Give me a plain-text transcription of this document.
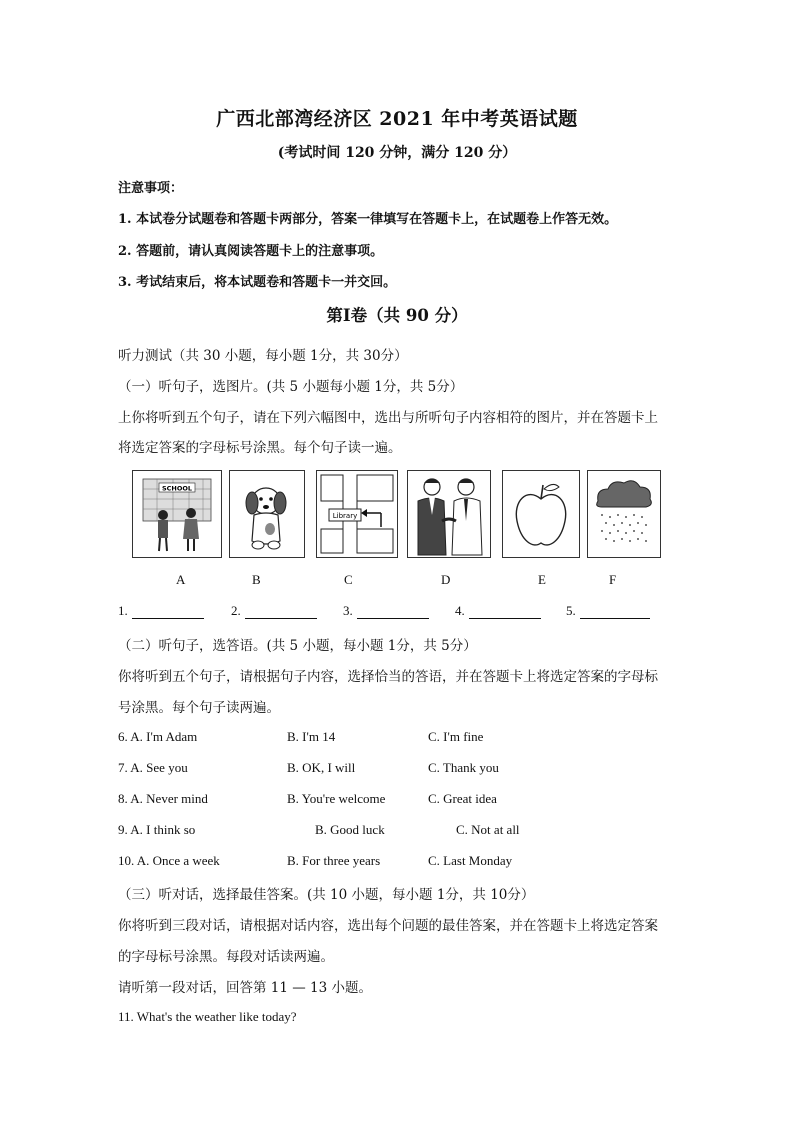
广西北部湾经济区 2021 年中考英语试题
(考试时间 120 分钟，满分 120 分）
注意事项：
1. 本试卷分试题卷和答题卡两部分，答案一律填写在答题卡上，在试题卷上作答无效。
2. 答题前，请认真阅读答题卡上的注意事项。
3. 考试结束后，将本试题卷和答题卡一并交回。
第Ⅰ卷（共 90 分）
听力测试（共 30 小题，每小题 1分，共 30分）
（一）听句子，选图片。(共 5 小题每小题 1分，共 5分）
上你将听到五个句子，请在下列六幅图中，选出与所听句子内容相符的图片，并在答题卡上
将选定答案的字母标号涂黑。每个句子读一遍。
SCHOOL
Library
A	B	C	D	E	F
1.	2.	3.	4.	5.
（二）听句子，选答语。(共 5 小题，每小题 1分，共 5分）
你将听到五个句子，请根据句子内容，选择恰当的答语，并在答题卡上将选定答案的字母标
号涂黑。每个句子读两遍。
6. A. I'm Adam	B. I'm 14	C. I'm fine
7. A. See you	B. OK, I will	C. Thank you
8. A. Never mind	B. You're welcome	C. Great idea
9. A. I think so	B. Good luck	C. Not at all
10. A. Once a week	B. For three years	C. Last Monday
（三）听对话，选择最佳答案。(共 10 小题，每小题 1分，共 10分）
你将听到三段对话，请根据对话内容，选出每个问题的最佳答案，并在答题卡上将选定答案
的字母标号涂黑。每段对话读两遍。
请听第一段对话，回答第 11 — 13 小题。
11. What's the weather like today?
